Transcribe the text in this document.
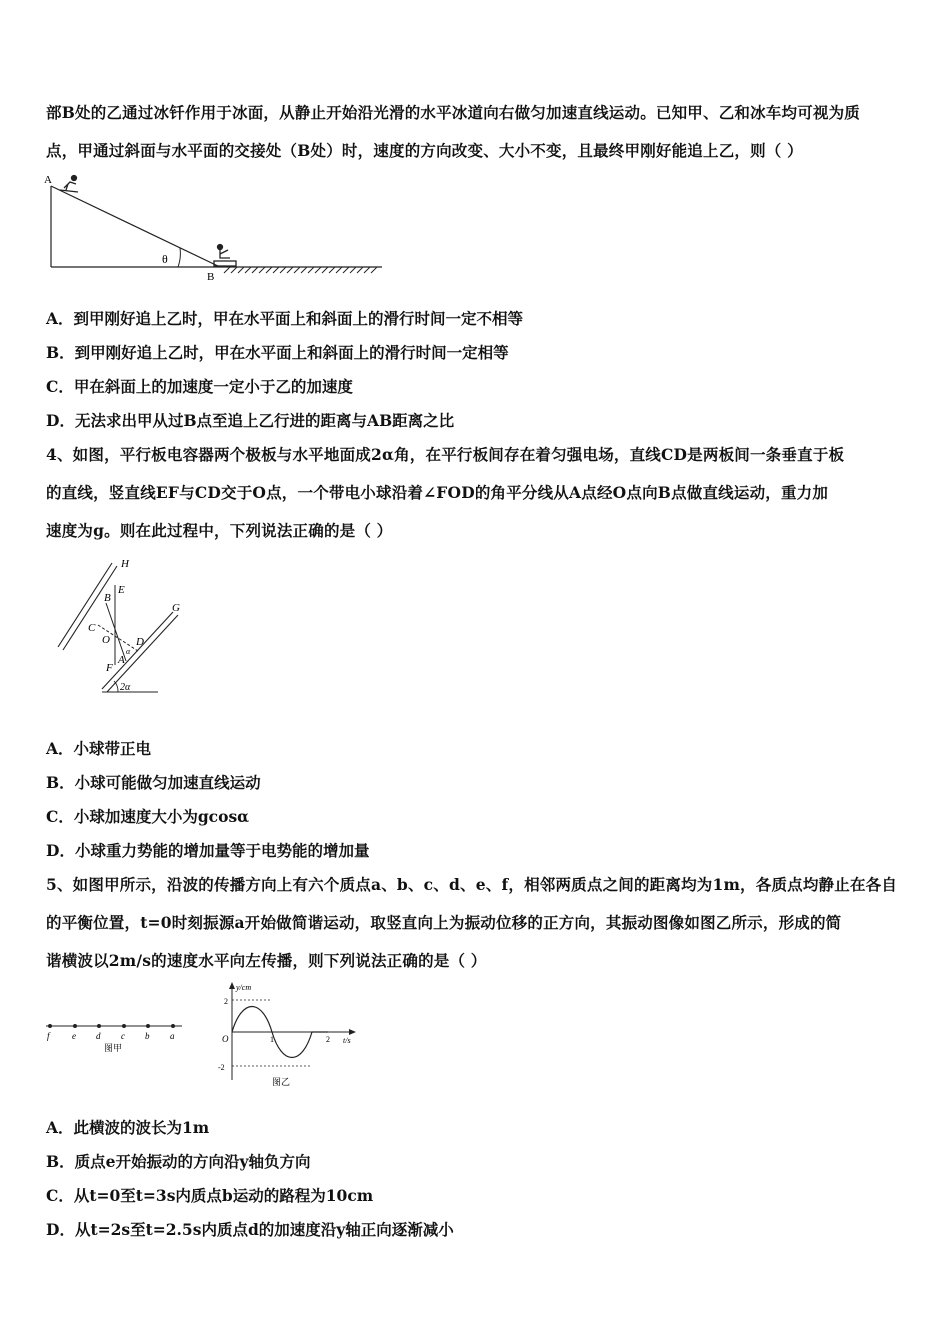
部B处的乙通过冰钎作用于冰面，从静止开始沿光滑的水平冰道向右做匀加速直线运动。已知甲、乙和冰车均可视为质
点，甲通过斜面与水平面的交接处（B处）时，速度的方向改变、大小不变，且最终甲刚好能追上乙，则（ ）
A
θ
B
A．到甲刚好追上乙时，甲在水平面上和斜面上的滑行时间一定不相等
B．到甲刚好追上乙时，甲在水平面上和斜面上的滑行时间一定相等
C．甲在斜面上的加速度一定小于乙的加速度
D．无法求出甲从过B点至追上乙行进的距离与AB距离之比
4、如图，平行板电容器两个极板与水平地面成2α角，在平行板间存在着匀强电场，直线CD是两板间一条垂直于板
的直线，竖直线EF与CD交于O点，一个带电小球沿着∠FOD的角平分线从A点经O点向B点做直线运动，重力加
速度为g。则在此过程中，下列说法正确的是（ ）
H
G
2α
E
F
C
D
B
A
O
α
A．小球带正电
B．小球可能做匀加速直线运动
C．小球加速度大小为gcosα
D．小球重力势能的增加量等于电势能的增加量
5、如图甲所示，沿波的传播方向上有六个质点a、b、c、d、e、f，相邻两质点之间的距离均为1m，各质点均静止在各自
的平衡位置，t=0时刻振源a开始做简谐运动，取竖直向上为振动位移的正方向，其振动图像如图乙所示，形成的简
谐横波以2m/s的速度水平向左传播，则下列说法正确的是（ ）
f e d c b a
图甲
y/cm
t/s
O
2
-2
1	2
图乙
A．此横波的波长为1m
B．质点e开始振动的方向沿y轴负方向
C．从t=0至t=3s内质点b运动的路程为10cm
D．从t=2s至t=2.5s内质点d的加速度沿y轴正向逐渐减小
